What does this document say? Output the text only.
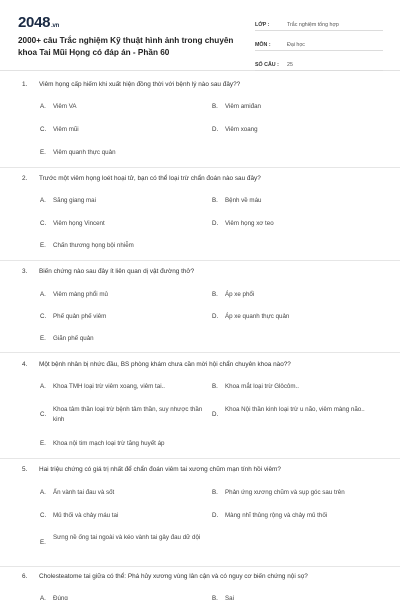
2048.vn
2000+ câu Trắc nghiệm Kỹ thuật hình ảnh trong chuyên khoa Tai Mũi Họng có đáp án - Phần 60
LỚP :	Trắc nghiệm tổng hợp
MÔN :	Đại học
SỐ CÂU :	25
1. Viêm họng cấp hiếm khi xuất hiện đồng thời với bệnh lý nào sau đây??
A.	Viêm VA	B.	Viêm amiđan
C.	Viêm mũi	D.	Viêm xoang
E.	Viêm quanh thực quản
2. Trước một viêm họng loét hoại tử, bạn có thể loại trừ chẩn đoán nào sau đây?
A.	Săng giang mai	B.	Bệnh về máu
C.	Viêm họng Vincent	D.	Viêm họng xơ teo
E.	Chấn thương họng bội nhiễm
3. Biến chứng nào sau đây ít liên quan dị vật đường thở?
A.	Viêm màng phổi mủ	B.	Áp xe phổi
C.	Phế quản phế viêm	D.	Áp xe quanh thực quản
E.	Giãn phế quản
4. Một bệnh nhân bị nhức đầu, BS phòng khám chưa cần mời hội chẩn chuyên khoa nào??
A.	Khoa TMH loại trừ viêm xoang, viêm tai..	B.	Khoa mắt loại trừ Glôcôm..
C.
Khoa tâm thần loại trừ bệnh tâm thần, suy nhược thần kinh
D.
Khoa Nội thần kinh loại trừ u não, viêm màng não..
E.	Khoa nội tim mạch loại trừ tăng huyết áp
5. Hai triệu chứng có giá trị nhất để chẩn đoán viêm tai xương chũm mạn tính hồi viêm?
A.	Ấn vành tai đau và sốt	B.	Phản ứng xương chũm và sụp góc sau trên
C.	Mủ thối và chảy máu tai	D.	Màng nhĩ thủng rộng và chảy mủ thối
E.
Sưng nề ống tai ngoài và kéo vành tai gây đau dữ dội
6. Cholesteatome tai giữa có thể: Phá hủy xương vùng lân cận và có nguy cơ biến chứng nội sọ?
A.	Đúng	B.	Sai
